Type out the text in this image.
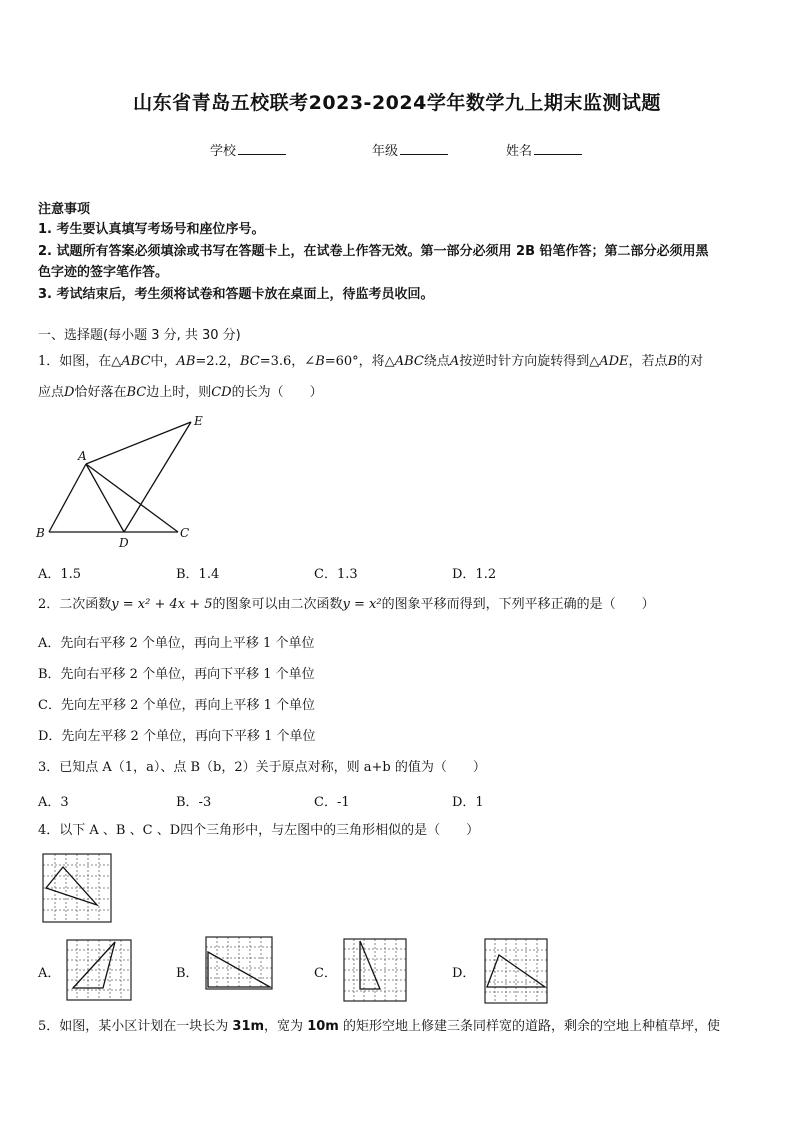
山东省青岛五校联考2023-2024学年数学九上期末监测试题
学校	年级	姓名
注意事项
1. 考生要认真填写考场号和座位序号。
2. 试题所有答案必须填涂或书写在答题卡上，在试卷上作答无效。第一部分必须用 2B 铅笔作答；第二部分必须用黑
色字迹的签字笔作答。
3. 考试结束后，考生须将试卷和答题卡放在桌面上，待监考员收回。
一、选择题(每小题 3 分, 共 30 分)
1．如图，在△ABC中，AB=2.2，BC=3.6，∠B=60°，将△ABC绕点A按逆时针方向旋转得到△ADE，若点B的对
应点D恰好落在BC边上时，则CD的长为（　　）
A
B	C
D
E
A．1.5	B．1.4	C．1.3	D．1.2
2．二次函数y = x² + 4x + 5的图象可以由二次函数y = x²的图象平移而得到，下列平移正确的是（　　）
A．先向右平移 2 个单位，再向上平移 1 个单位
B．先向右平移 2 个单位，再向下平移 1 个单位
C．先向左平移 2 个单位，再向上平移 1 个单位
D．先向左平移 2 个单位，再向下平移 1 个单位
3．已知点 A（1，a）、点 B（b，2）关于原点对称，则 a+b 的值为（　　）
A．3	B．-3	C．-1	D．1
4．以下 A 、B 、C 、D四个三角形中，与左图中的三角形相似的是（　　）
A．	B．	C．	D．
5．如图，某小区计划在一块长为 31m，宽为 10m 的矩形空地上修建三条同样宽的道路，剩余的空地上种植草坪，使
